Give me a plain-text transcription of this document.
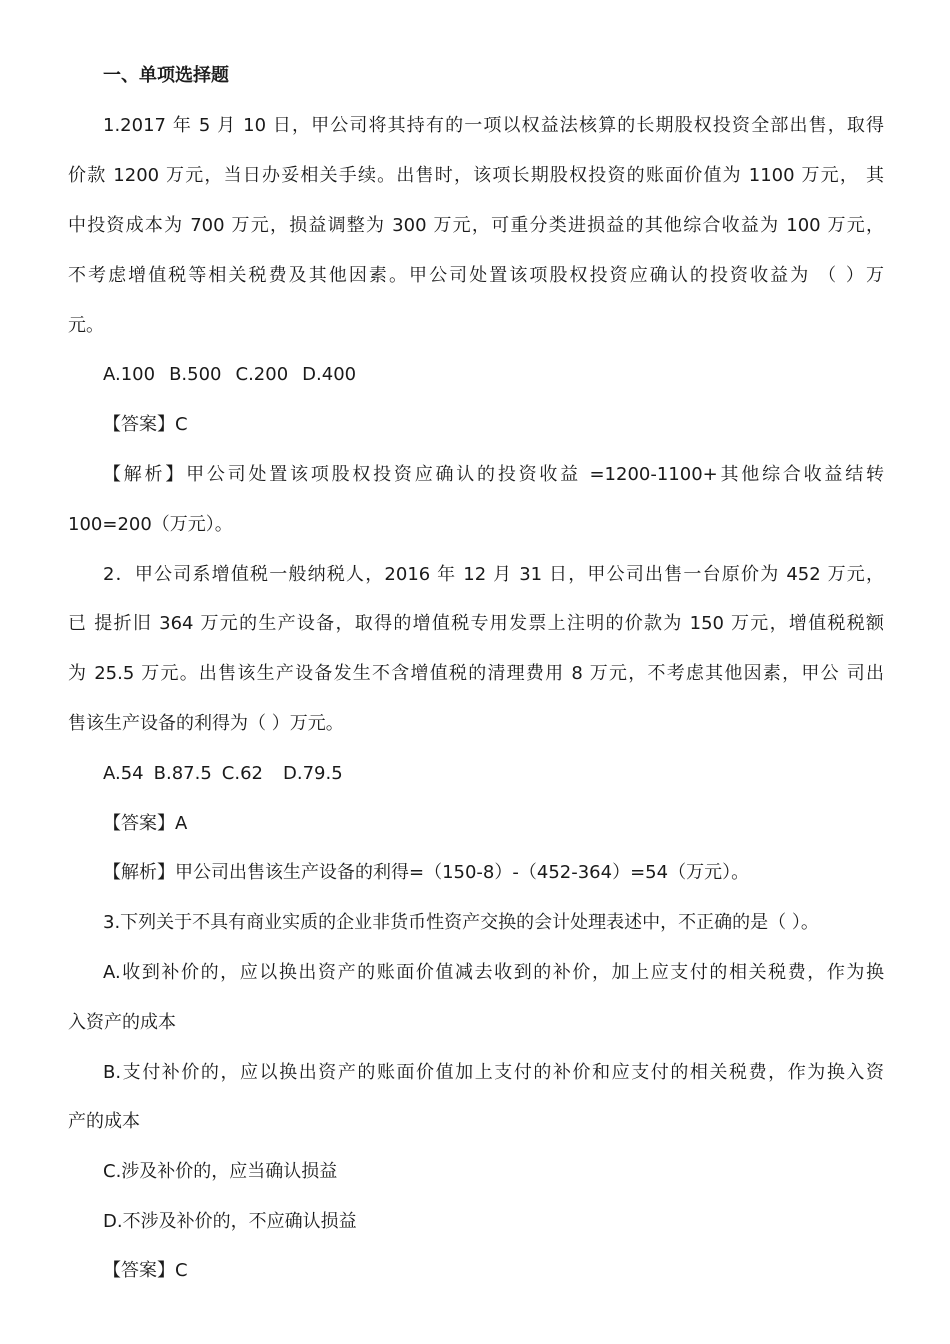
一、单项选择题
1.2017 年 5 月 10 日，甲公司将其持有的一项以权益法核算的长期股权投资全部出售，取得
价款 1200 万元，当日办妥相关手续。出售时，该项长期股权投资的账面价值为 1100 万元， 其
中投资成本为 700 万元，损益调整为 300 万元，可重分类进损益的其他综合收益为 100 万元，
不考虑增值税等相关税费及其他因素。甲公司处置该项股权投资应确认的投资收益为 （ ）万
元。
A.100 B.500 C.200 D.400
【答案】C
【解析】甲公司处置该项股权投资应确认的投资收益 =1200-1100+其他综合收益结转
100=200（万元）。
2．甲公司系增值税一般纳税人，2016 年 12 月 31 日，甲公司出售一台原价为 452 万元，
已 提折旧 364 万元的生产设备，取得的增值税专用发票上注明的价款为 150 万元，增值税税额
为 25.5 万元。出售该生产设备发生不含增值税的清理费用 8 万元，不考虑其他因素，甲公 司出
售该生产设备的利得为（ ）万元。
A.54 B.87.5 C.62 D.79.5
【答案】A
【解析】甲公司出售该生产设备的利得=（150-8）-（452-364）=54（万元）。
3.下列关于不具有商业实质的企业非货币性资产交换的会计处理表述中，不正确的是（ ）。
A.收到补价的，应以换出资产的账面价值减去收到的补价，加上应支付的相关税费，作为换
入资产的成本
B.支付补价的，应以换出资产的账面价值加上支付的补价和应支付的相关税费，作为换入资
产的成本
C.涉及补价的，应当确认损益
D.不涉及补价的，不应确认损益
【答案】C
